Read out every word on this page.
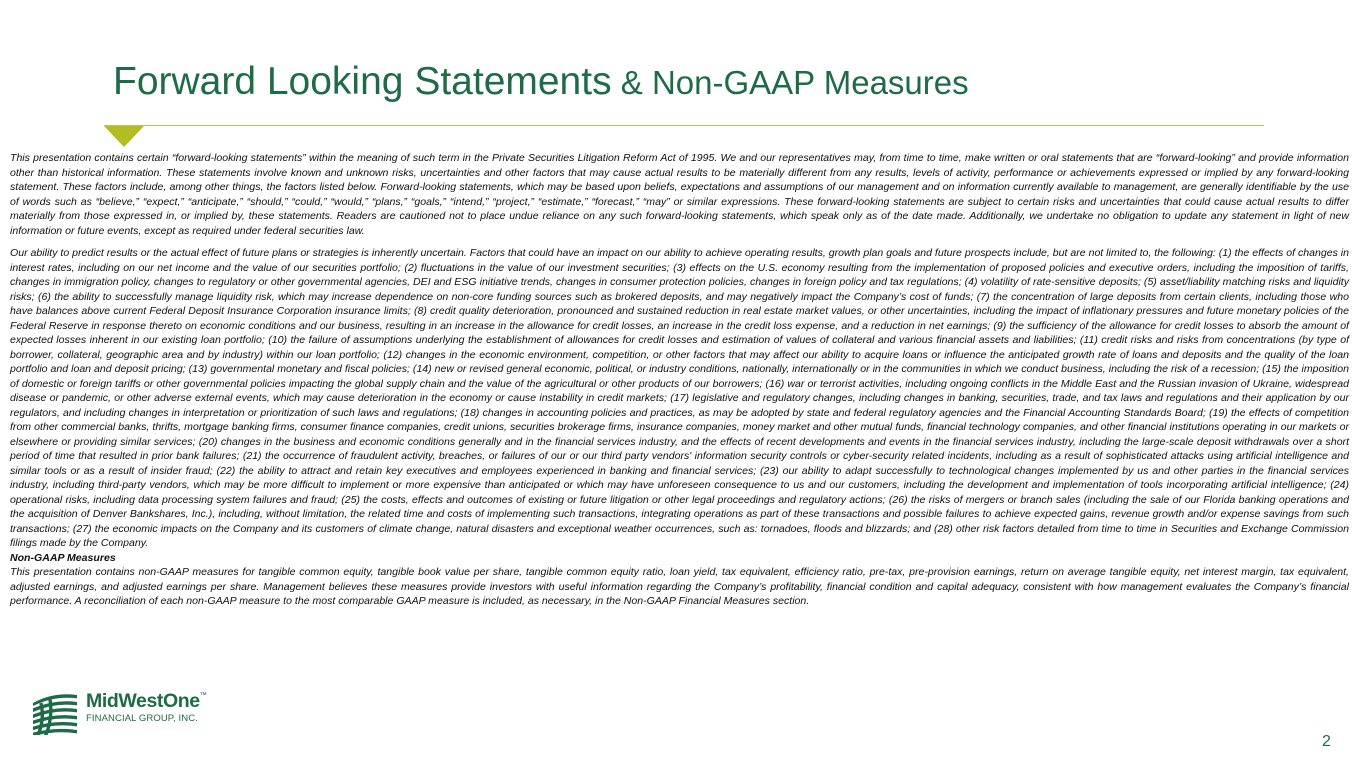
Forward Looking Statements & Non-GAAP Measures

This presentation contains certain “forward-looking statements” within the meaning of such term in the Private Securities Litigation Reform Act of 1995. We and our representatives may, from time to time, make written or oral statements that are “forward-looking” and provide information other than historical information. These statements involve known and unknown risks, uncertainties and other factors that may cause actual results to be materially different from any results, levels of activity, performance or achievements expressed or implied by any forward-looking statement. These factors include, among other things, the factors listed below. Forward-looking statements, which may be based upon beliefs, expectations and assumptions of our management and on information currently available to management, are generally identifiable by the use of words such as “believe,” “expect,” “anticipate,” “should,” “could,” “would,” “plans,” “goals,” “intend,” “project,” “estimate,” “forecast,” “may” or similar expressions. These forward-looking statements are subject to certain risks and uncertainties that could cause actual results to differ materially from those expressed in, or implied by, these statements. Readers are cautioned not to place undue reliance on any such forward-looking statements, which speak only as of the date made. Additionally, we undertake no obligation to update any statement in light of new information or future events, except as required under federal securities law.

Our ability to predict results or the actual effect of future plans or strategies is inherently uncertain. Factors that could have an impact on our ability to achieve operating results, growth plan goals and future prospects include, but are not limited to, the following: (1) the effects of changes in interest rates, including on our net income and the value of our securities portfolio; (2) fluctuations in the value of our investment securities; (3) effects on the U.S. economy resulting from the implementation of proposed policies and executive orders, including the imposition of tariffs, changes in immigration policy, changes to regulatory or other governmental agencies, DEI and ESG initiative trends, changes in consumer protection policies, changes in foreign policy and tax regulations; (4) volatility of rate-sensitive deposits; (5) asset/liability matching risks and liquidity risks; (6) the ability to successfully manage liquidity risk, which may increase dependence on non-core funding sources such as brokered deposits, and may negatively impact the Company’s cost of funds; (7) the concentration of large deposits from certain clients, including those who have balances above current Federal Deposit Insurance Corporation insurance limits; (8) credit quality deterioration, pronounced and sustained reduction in real estate market values, or other uncertainties, including the impact of inflationary pressures and future monetary policies of the Federal Reserve in response thereto on economic conditions and our business, resulting in an increase in the allowance for credit losses, an increase in the credit loss expense, and a reduction in net earnings; (9) the sufficiency of the allowance for credit losses to absorb the amount of expected losses inherent in our existing loan portfolio; (10) the failure of assumptions underlying the establishment of allowances for credit losses and estimation of values of collateral and various financial assets and liabilities; (11) credit risks and risks from concentrations (by type of borrower, collateral, geographic area and by industry) within our loan portfolio; (12) changes in the economic environment, competition, or other factors that may affect our ability to acquire loans or influence the anticipated growth rate of loans and deposits and the quality of the loan portfolio and loan and deposit pricing; (13) governmental monetary and fiscal policies; (14) new or revised general economic, political, or industry conditions, nationally, internationally or in the communities in which we conduct business, including the risk of a recession; (15) the imposition of domestic or foreign tariffs or other governmental policies impacting the global supply chain and the value of the agricultural or other products of our borrowers; (16) war or terrorist activities, including ongoing conflicts in the Middle East and the Russian invasion of Ukraine, widespread disease or pandemic, or other adverse external events, which may cause deterioration in the economy or cause instability in credit markets; (17) legislative and regulatory changes, including changes in banking, securities, trade, and tax laws and regulations and their application by our regulators, and including changes in interpretation or prioritization of such laws and regulations; (18) changes in accounting policies and practices, as may be adopted by state and federal regulatory agencies and the Financial Accounting Standards Board; (19) the effects of competition from other commercial banks, thrifts, mortgage banking firms, consumer finance companies, credit unions, securities brokerage firms, insurance companies, money market and other mutual funds, financial technology companies, and other financial institutions operating in our markets or elsewhere or providing similar services; (20) changes in the business and economic conditions generally and in the financial services industry, and the effects of recent developments and events in the financial services industry, including the large-scale deposit withdrawals over a short period of time that resulted in prior bank failures; (21) the occurrence of fraudulent activity, breaches, or failures of our or our third party vendors' information security controls or cyber-security related incidents, including as a result of sophisticated attacks using artificial intelligence and similar tools or as a result of insider fraud; (22) the ability to attract and retain key executives and employees experienced in banking and financial services; (23) our ability to adapt successfully to technological changes implemented by us and other parties in the financial services industry, including third-party vendors, which may be more difficult to implement or more expensive than anticipated or which may have unforeseen consequence to us and our customers, including the development and implementation of tools incorporating artificial intelligence; (24) operational risks, including data processing system failures and fraud; (25) the costs, effects and outcomes of existing or future litigation or other legal proceedings and regulatory actions; (26) the risks of mergers or branch sales (including the sale of our Florida banking operations and the acquisition of Denver Bankshares, Inc.), including, without limitation, the related time and costs of implementing such transactions, integrating operations as part of these transactions and possible failures to achieve expected gains, revenue growth and/or expense savings from such transactions; (27) the economic impacts on the Company and its customers of climate change, natural disasters and exceptional weather occurrences, such as: tornadoes, floods and blizzards; and (28) other risk factors detailed from time to time in Securities and Exchange Commission filings made by the Company.

Non-GAAP Measures

This presentation contains non-GAAP measures for tangible common equity, tangible book value per share, tangible common equity ratio, loan yield, tax equivalent, efficiency ratio, pre-tax, pre-provision earnings, return on average tangible equity, net interest margin, tax equivalent, adjusted earnings, and adjusted earnings per share. Management believes these measures provide investors with useful information regarding the Company’s profitability, financial condition and capital adequacy, consistent with how management evaluates the Company’s financial performance. A reconciliation of each non-GAAP measure to the most comparable GAAP measure is included, as necessary, in the Non-GAAP Financial Measures section.

MidWestOne™
FINANCIAL GROUP, INC.
2
